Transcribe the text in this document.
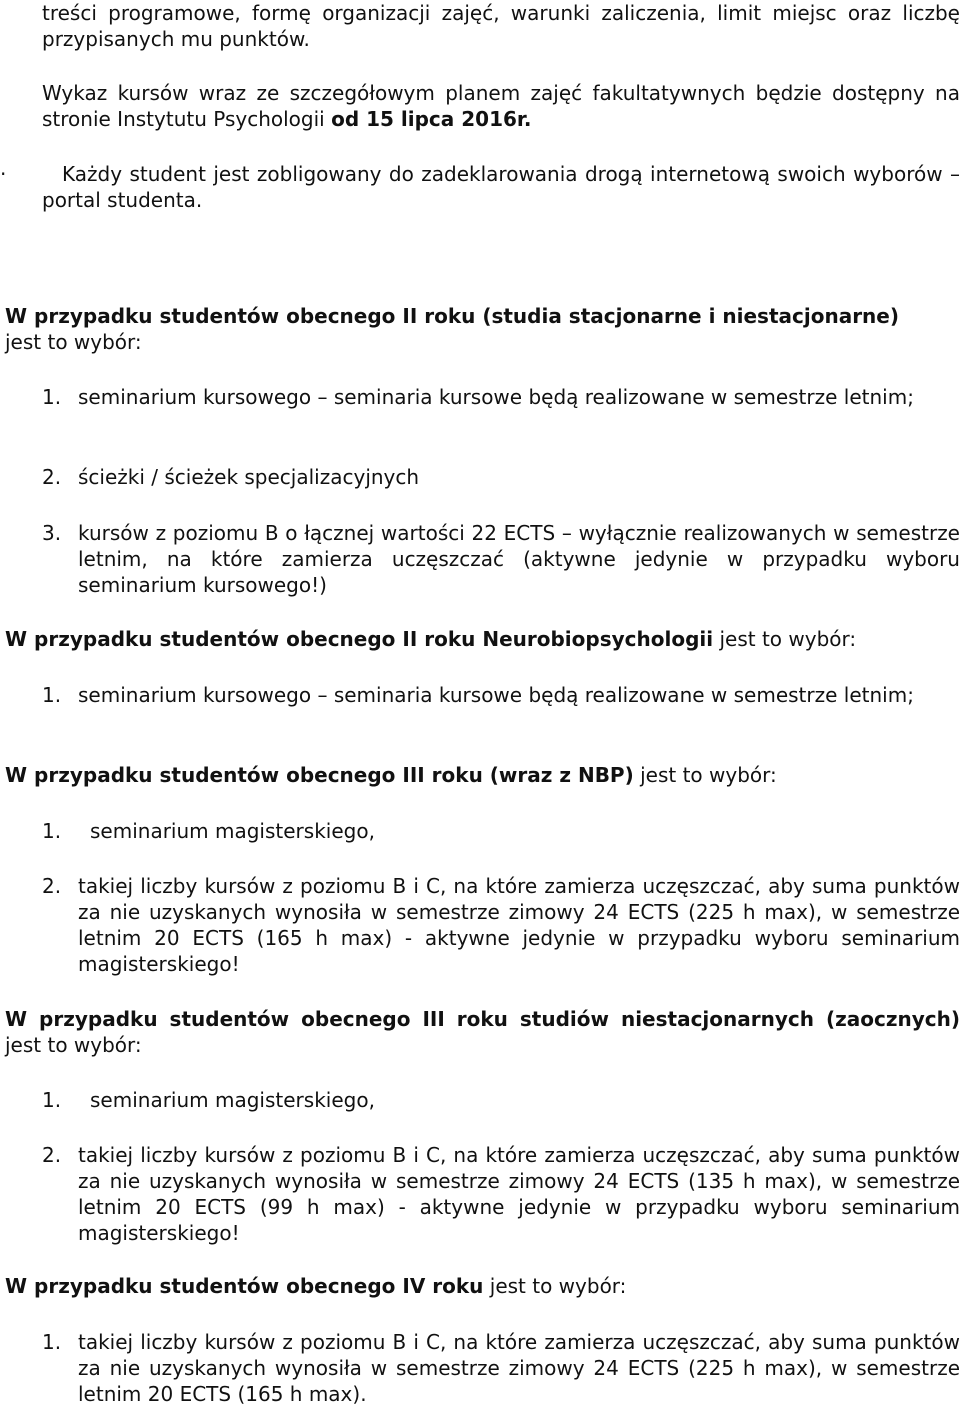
treści programowe, formę organizacji zajęć, warunki zaliczenia, limit miejsc oraz liczbę przypisanych mu punktów.

Wykaz kursów wraz ze szczegółowym planem zajęć fakultatywnych będzie dostępny na stronie Instytutu Psychologii od 15 lipca 2016r.

·	Każdy student jest zobligowany do zadeklarowania drogą internetową swoich wyborów – portal studenta.

W przypadku studentów obecnego II roku (studia stacjonarne i niestacjonarne)
jest to wybór:

1. seminarium kursowego – seminaria kursowe będą realizowane w semestrze letnim;

2. ścieżki / ścieżek specjalizacyjnych

3. kursów z poziomu B o łącznej wartości 22 ECTS – wyłącznie realizowanych w semestrze letnim, na które zamierza uczęszczać (aktywne jedynie w przypadku wyboru seminarium kursowego!)

W przypadku studentów obecnego II roku Neurobiopsychologii jest to wybór:

1. seminarium kursowego – seminaria kursowe będą realizowane w semestrze letnim;

W przypadku studentów obecnego III roku (wraz z NBP) jest to wybór:

1. seminarium magisterskiego,

2. takiej liczby kursów z poziomu B i C, na które zamierza uczęszczać, aby suma punktów za nie uzyskanych wynosiła w semestrze zimowy 24 ECTS (225 h max), w semestrze letnim 20 ECTS (165 h max) - aktywne jedynie w przypadku wyboru seminarium magisterskiego!

W przypadku studentów obecnego III roku studiów niestacjonarnych (zaocznych) jest to wybór:

1. seminarium magisterskiego,

2. takiej liczby kursów z poziomu B i C, na które zamierza uczęszczać, aby suma punktów za nie uzyskanych wynosiła w semestrze zimowy 24 ECTS (135 h max), w semestrze letnim 20 ECTS (99 h max) - aktywne jedynie w przypadku wyboru seminarium magisterskiego!

W przypadku studentów obecnego IV roku jest to wybór:

1. takiej liczby kursów z poziomu B i C, na które zamierza uczęszczać, aby suma punktów za nie uzyskanych wynosiła w semestrze zimowy 24 ECTS (225 h max), w semestrze letnim 20 ECTS (165 h max).
